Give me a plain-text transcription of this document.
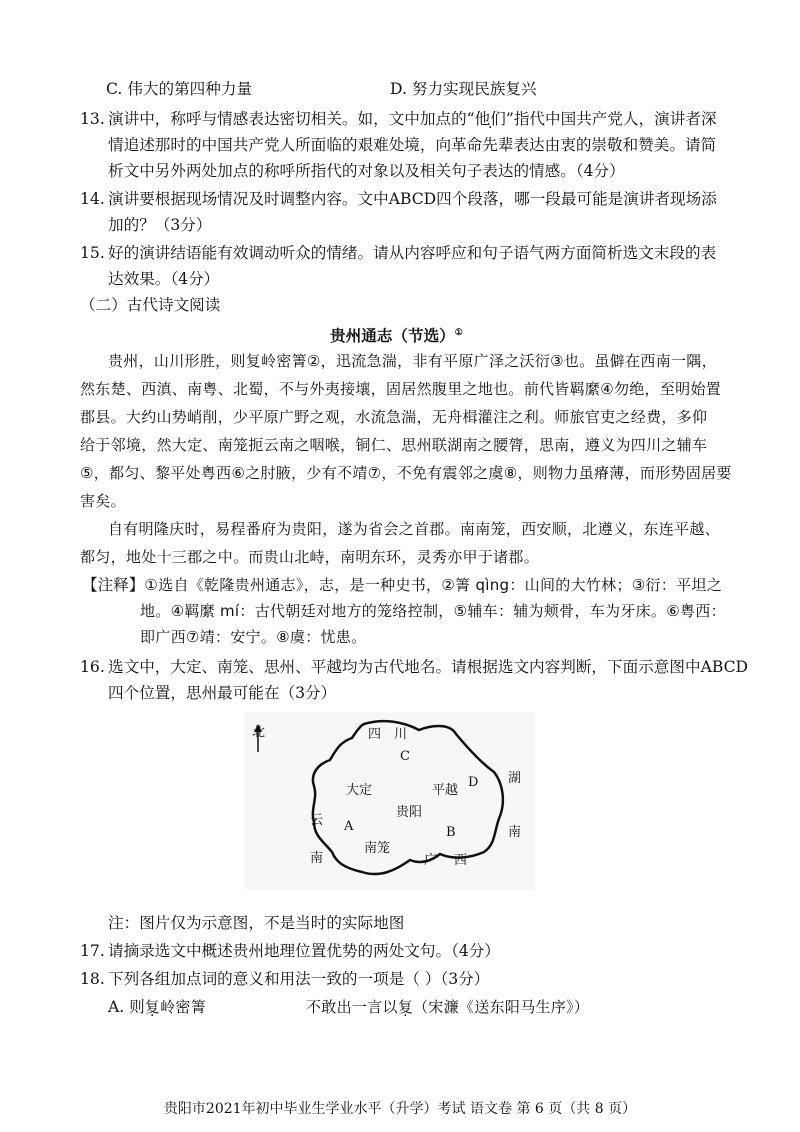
C. 伟大的第四种力量	D. 努力实现民族复兴
13. 演讲中，称呼与情感表达密切相关。如，文中加点的“他们”指代中国共产党人，演讲者深
情追述那时的中国共产党人所面临的艰难处境，向革命先辈表达由衷的崇敬和赞美。请简
析文中另外两处加点的称呼所指代的对象以及相关句子表达的情感。（4分）
14. 演讲要根据现场情况及时调整内容。文中ABCD四个段落，哪一段最可能是演讲者现场添
加的？（3分）
15. 好的演讲结语能有效调动听众的情绪。请从内容呼应和句子语气两方面简析选文末段的表
达效果。（4分）
（二）古代诗文阅读
贵州通志（节选）①
贵州，山川形胜，则复岭密箐②，迅流急湍，非有平原广泽之沃衍③也。虽僻在西南一隅，
然东楚、西滇、南粤、北蜀，不与外夷接壤，固居然腹里之地也。前代皆羁縻④勿绝，至明始置
郡县。大约山势峭削，少平原广野之观，水流急湍，无舟楫灌注之利。师旅官吏之经费，多仰
给于邻境，然大定、南笼扼云南之咽喉，铜仁、思州联湖南之腰膂，思南，遵义为四川之辅车
⑤，都匀、黎平处粤西⑥之肘腋，少有不靖⑦，不免有震邻之虞⑧，则物力虽瘠薄，而形势固居要
害矣。
自有明隆庆时，易程番府为贵阳，遂为省会之首郡。南南笼，西安顺，北遵义，东连平越、
都匀，地处十三郡之中。而贵山北峙，南明东环，灵秀亦甲于诸郡。
【注释】①选自《乾隆贵州通志》，志，是一种史书，②箐 qìng：山间的大竹林；③衍：平坦之
地。④羁縻 mí：古代朝廷对地方的笼络控制，⑤辅车：辅为颊骨，车为牙床。⑥粤西：
即广西⑦靖：安宁。⑧虞：忧患。
16. 选文中，大定、南笼、思州、平越均为古代地名。请根据选文内容判断，下面示意图中ABCD
四个位置，思州最可能在（3分）
北	四 川
湖
南
云
南	广 西
大定
贵阳
平越
南笼
A	B
C
D
注：图片仅为示意图，不是当时的实际地图
17. 请摘录选文中概述贵州地理位置优势的两处文句。（4分）
18. 下列各组加点词的意义和用法一致的一项是（ ）（3分）
A. 则复岭密箐	不敢出一言以复（宋濂《送东阳马生序》）
贵阳市2021年初中毕业生学业水平（升学）考试 语文卷 第 6 页（共 8 页）
